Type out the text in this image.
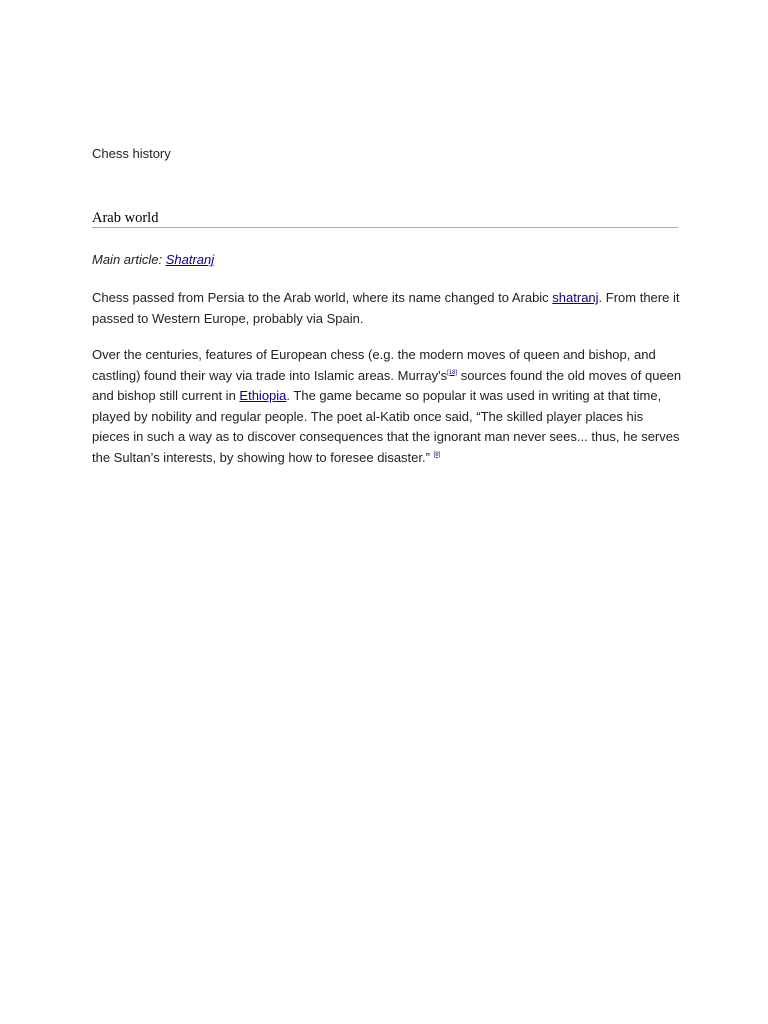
Chess history
Arab world
Main article: Shatranj

Chess passed from Persia to the Arab world, where its name changed to Arabic shatranj. From there it passed to Western Europe, probably via Spain.

Over the centuries, features of European chess (e.g. the modern moves of queen and bishop, and castling) found their way via trade into Islamic areas. Murray's[18] sources found the old moves of queen and bishop still current in Ethiopia. The game became so popular it was used in writing at that time, played by nobility and regular people. The poet al-Katib once said, “The skilled player places his pieces in such a way as to discover consequences that the ignorant man never sees... thus, he serves the Sultan’s interests, by showing how to foresee disaster.” [8]
